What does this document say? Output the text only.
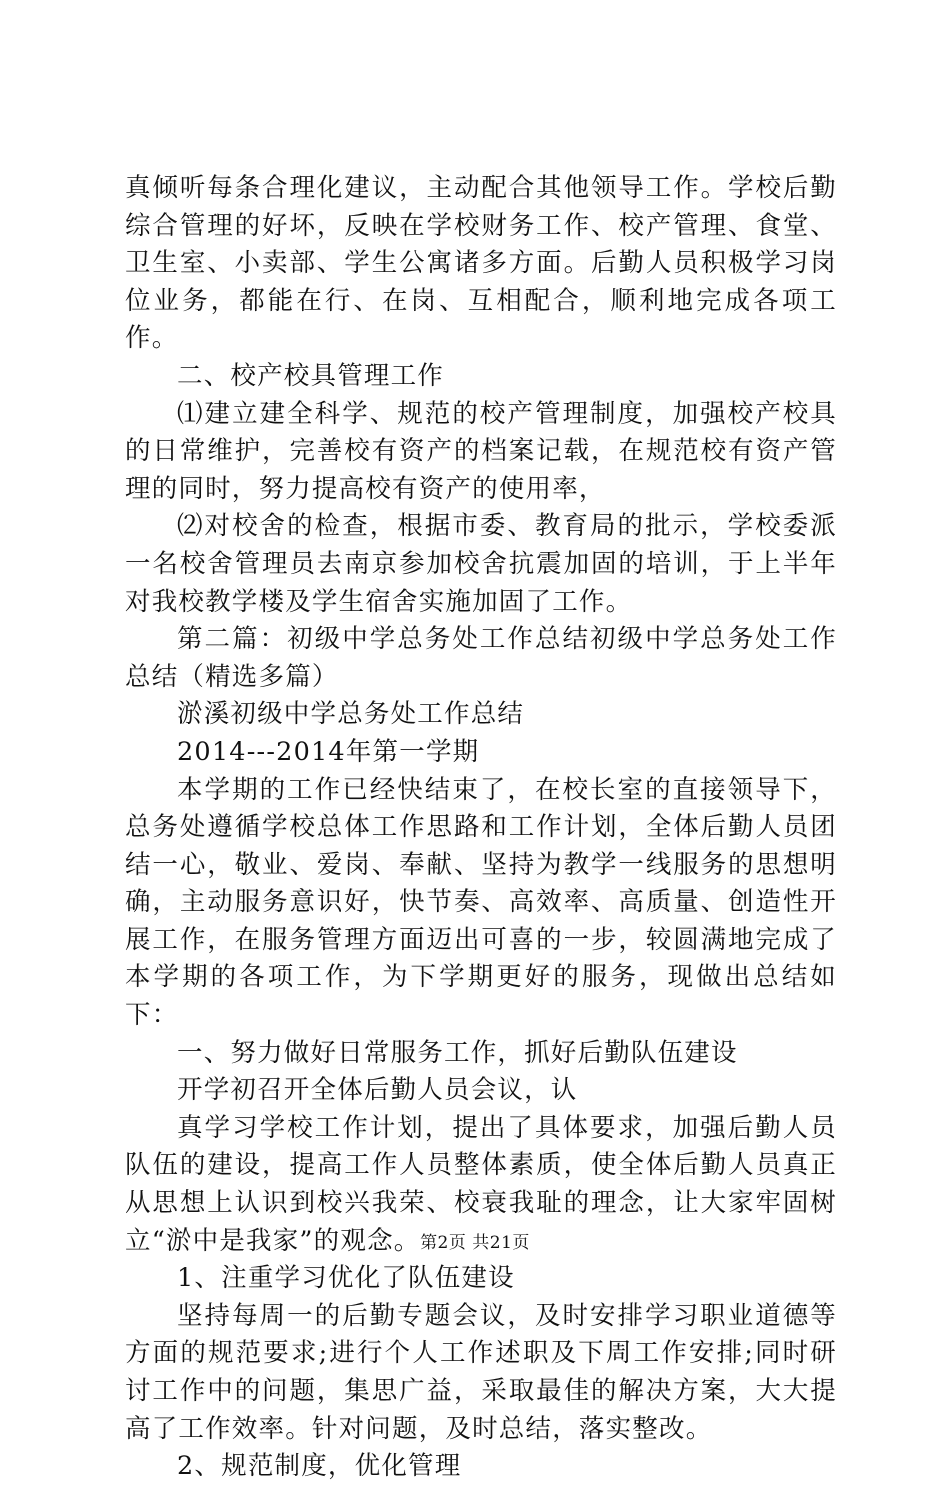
真倾听每条合理化建议，主动配合其他领导工作。学校后勤综合管理的好坏，反映在学校财务工作、校产管理、食堂、卫生室、小卖部、学生公寓诸多方面。后勤人员积极学习岗位业务，都能在行、在岗、互相配合，顺利地完成各项工作。

二、校产校具管理工作

⑴建立建全科学、规范的校产管理制度，加强校产校具的日常维护，完善校有资产的档案记载，在规范校有资产管理的同时，努力提高校有资产的使用率，

⑵对校舍的检查，根据市委、教育局的批示，学校委派一名校舍管理员去南京参加校舍抗震加固的培训，于上半年对我校教学楼及学生宿舍实施加固了工作。

第二篇：初级中学总务处工作总结初级中学总务处工作总结（精选多篇）

淤溪初级中学总务处工作总结

2014---2014年第一学期

本学期的工作已经快结束了，在校长室的直接领导下，总务处遵循学校总体工作思路和工作计划，全体后勤人员团结一心，敬业、爱岗、奉献、坚持为教学一线服务的思想明确，主动服务意识好，快节奏、高效率、高质量、创造性开展工作，在服务管理方面迈出可喜的一步，较圆满地完成了本学期的各项工作，为下学期更好的服务，现做出总结如下：

一、努力做好日常服务工作，抓好后勤队伍建设

开学初召开全体后勤人员会议，认

真学习学校工作计划，提出了具体要求，加强后勤人员队伍的建设，提高工作人员整体素质，使全体后勤人员真正从思想上认识到校兴我荣、校衰我耻的理念，让大家牢固树立“淤中是我家”的观念。

1、注重学习优化了队伍建设

坚持每周一的后勤专题会议，及时安排学习职业道德等方面的规范要求;进行个人工作述职及下周工作安排;同时研讨工作中的问题，集思广益，采取最佳的解决方案，大大提高了工作效率。针对问题，及时总结，落实整改。

2、规范制度，优化管理

第2页 共21页
